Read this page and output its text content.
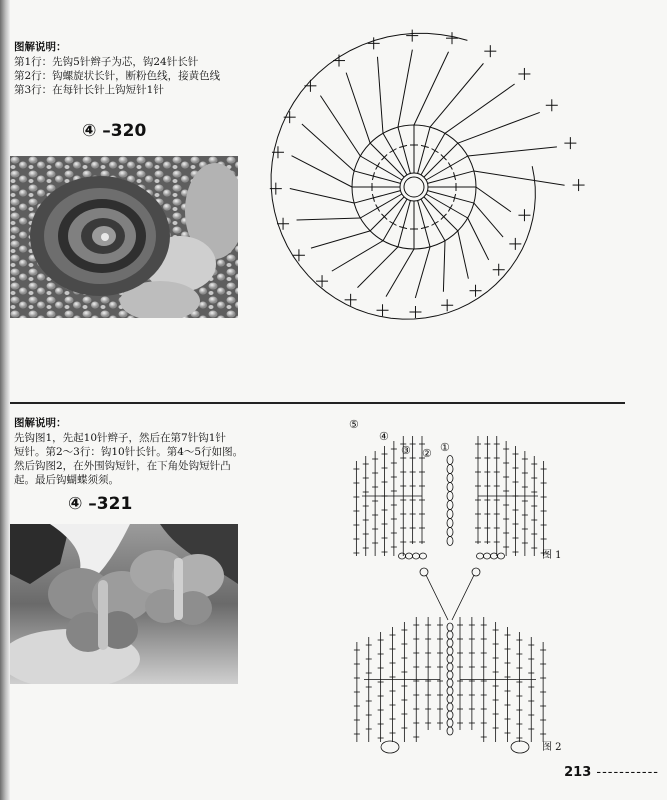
图解说明：
第1行：先钩5针辫子为芯，钩24针长针
第2行：钩螺旋状长针，断粉色线，接黄色线
第3行：在每针长针上钩短针1针
④ –320
图解说明：
先钩图1，先起10针辫子，然后在第7针钩1针
短针。第2～3行：钩10针长针。第4～5行如图。
然后钩图2，在外围钩短针，在下角处钩短针凸
起。最后钩蝴蝶须须。
④ –321
⑤
④
③ ② ①
图 1
图 2
213 -----------
